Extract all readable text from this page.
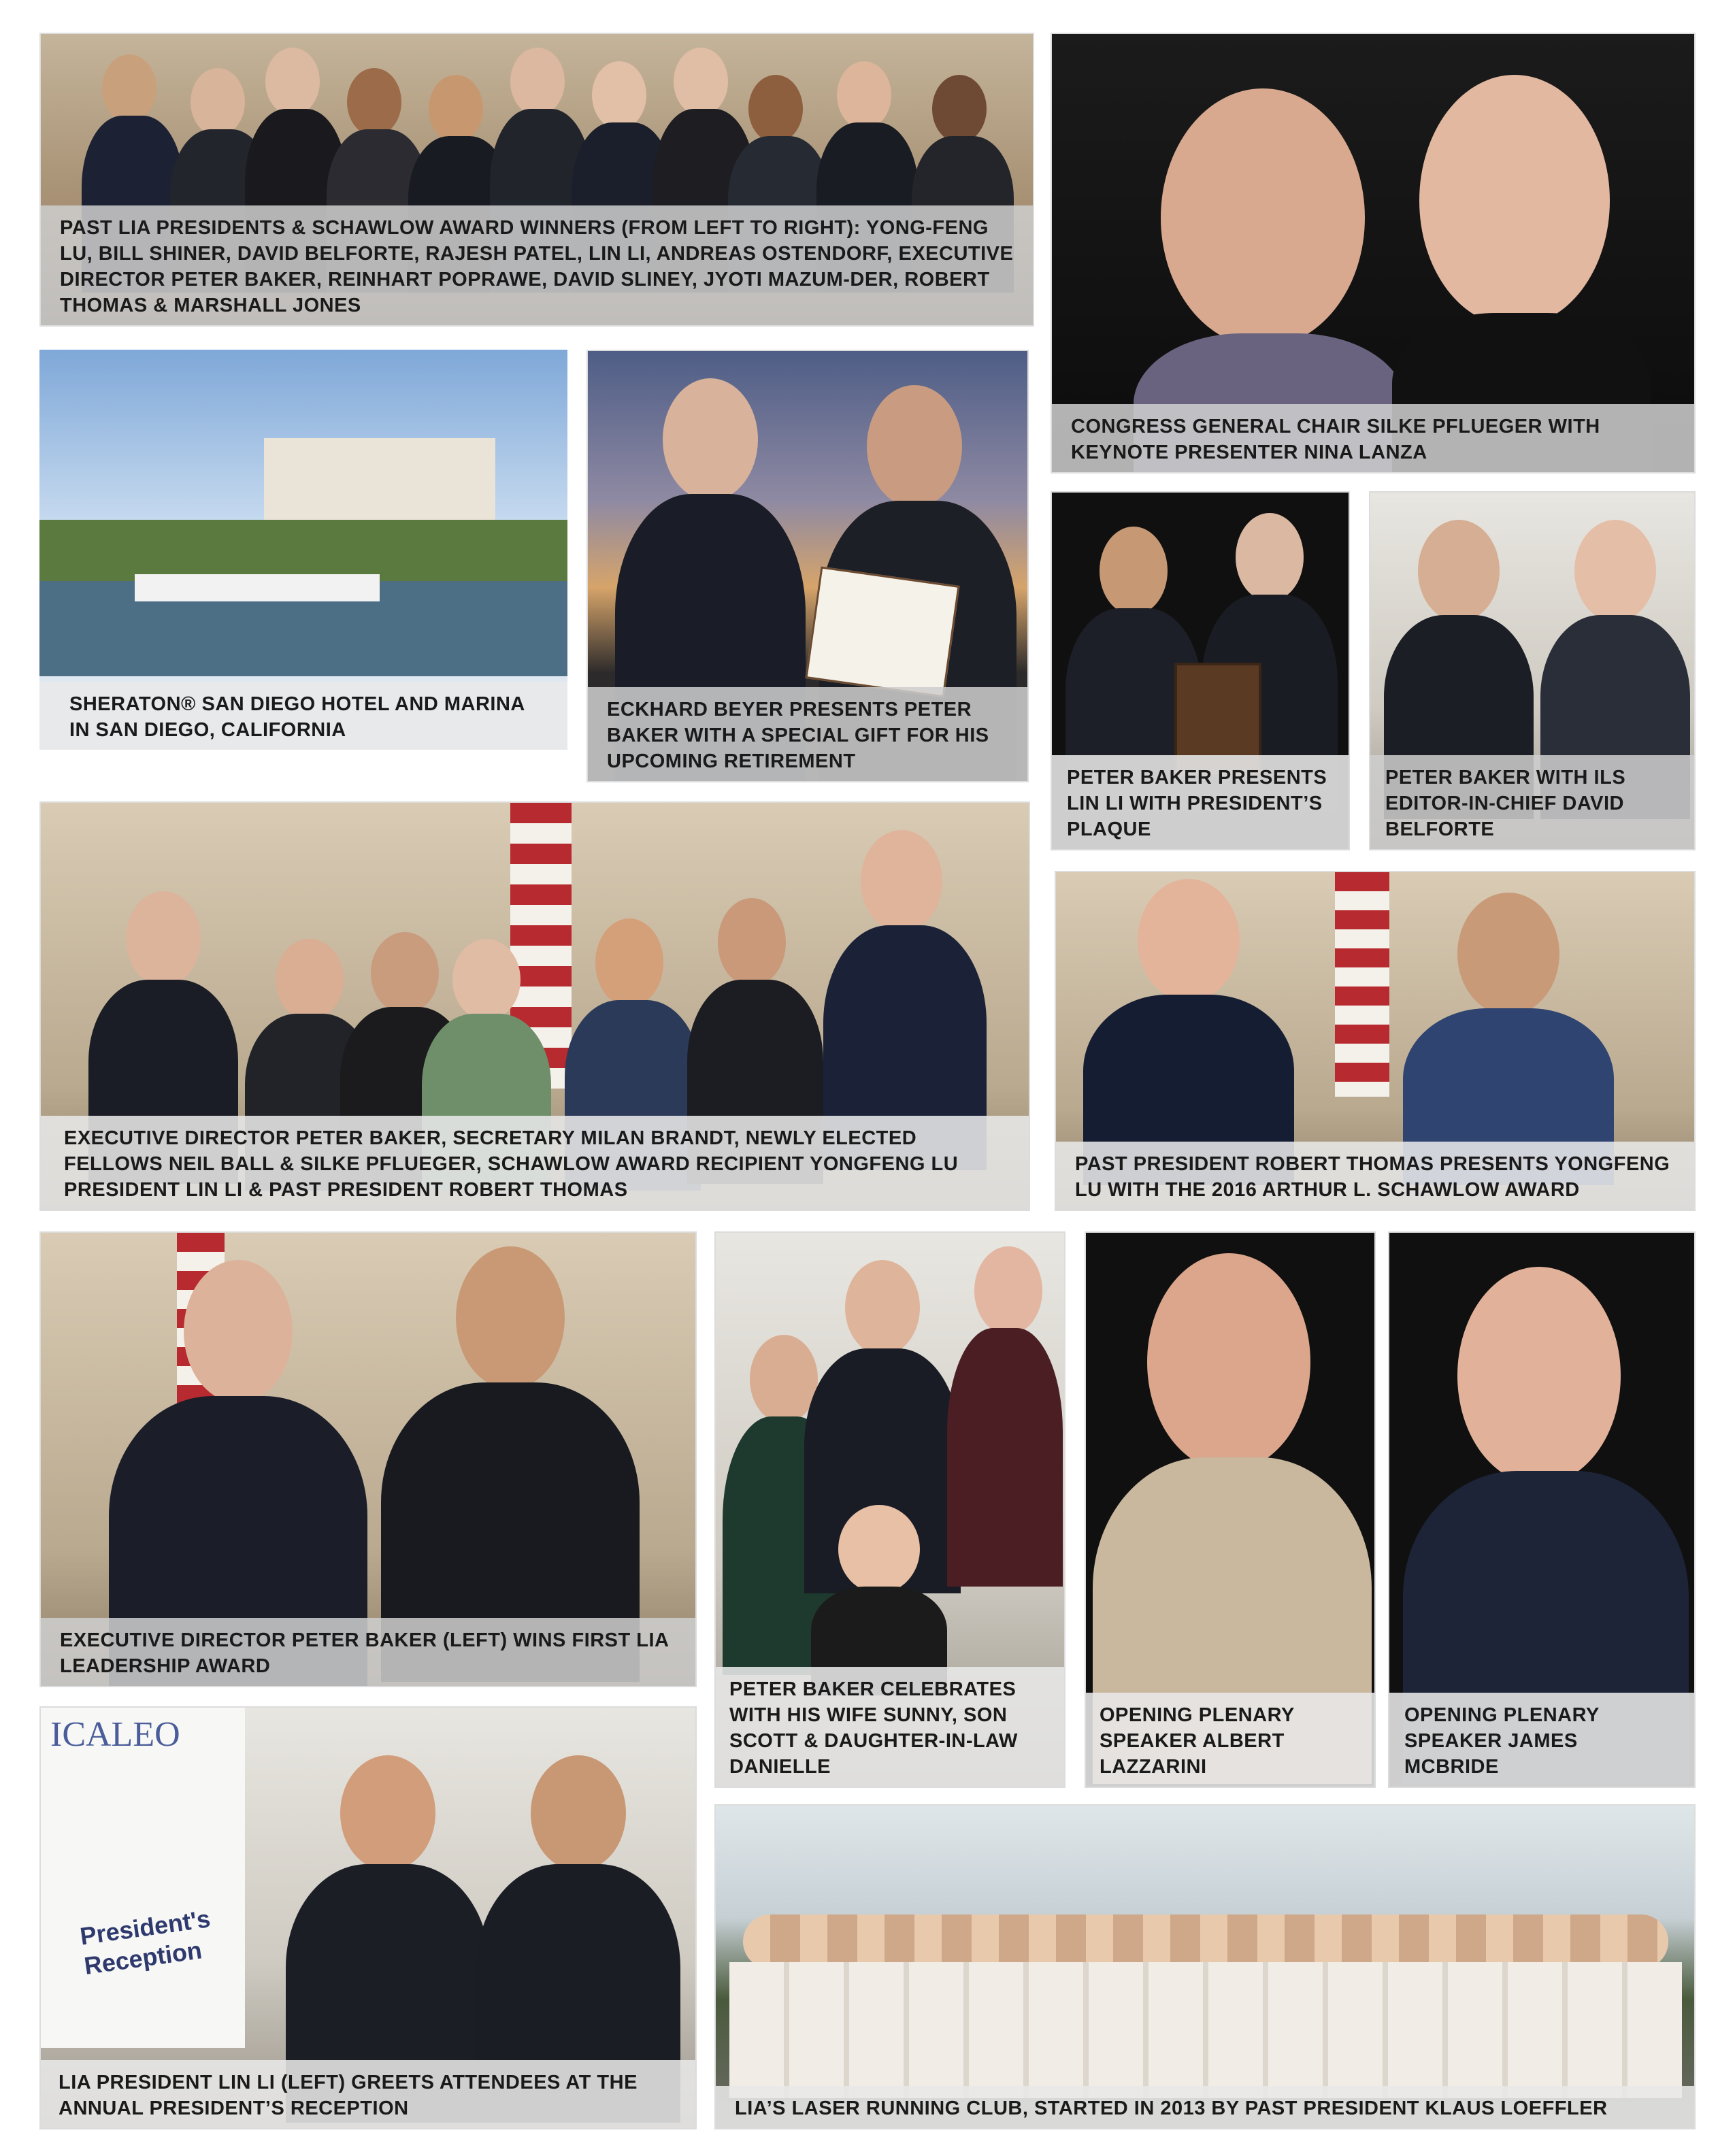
PAST LIA PRESIDENTS & SCHAWLOW AWARD WINNERS (FROM LEFT TO RIGHT): YONG-FENG LU, BILL SHINER, DAVID BELFORTE, RAJESH PATEL, LIN LI, ANDREAS OSTENDORF, EXECUTIVE DIRECTOR PETER BAKER, REINHART POPRAWE, DAVID SLINEY, JYOTI MAZUM-DER, ROBERT THOMAS & MARSHALL JONES
CONGRESS GENERAL CHAIR SILKE PFLUEGER WITH KEYNOTE PRESENTER NINA LANZA
SHERATON® SAN DIEGO HOTEL AND MARINA IN SAN DIEGO, CALIFORNIA
ECKHARD BEYER PRESENTS PETER BAKER WITH A SPECIAL GIFT FOR HIS UPCOMING RETIREMENT
PETER BAKER PRESENTS LIN LI WITH PRESIDENT’S PLAQUE
PETER BAKER WITH ILS EDITOR-IN-CHIEF DAVID BELFORTE
EXECUTIVE DIRECTOR PETER BAKER, SECRETARY MILAN BRANDT, NEWLY ELECTED FELLOWS NEIL BALL & SILKE PFLUEGER, SCHAWLOW AWARD RECIPIENT YONGFENG LU PRESIDENT LIN LI & PAST PRESIDENT ROBERT THOMAS
PAST PRESIDENT ROBERT THOMAS PRESENTS YONGFENG LU WITH THE 2016 ARTHUR L. SCHAWLOW AWARD
EXECUTIVE DIRECTOR PETER BAKER (LEFT) WINS FIRST LIA LEADERSHIP AWARD
PETER BAKER CELEBRATES WITH HIS WIFE SUNNY, SON SCOTT & DAUGHTER-IN-LAW DANIELLE
OPENING PLENARY SPEAKER ALBERT LAZZARINI
OPENING PLENARY SPEAKER JAMES MCBRIDE
ICALEO
President's Reception
LIA PRESIDENT LIN LI (LEFT) GREETS ATTENDEES AT THE ANNUAL PRESIDENT’S RECEPTION	LIA’S LASER RUNNING CLUB, STARTED IN 2013 BY PAST PRESIDENT KLAUS LOEFFLER
